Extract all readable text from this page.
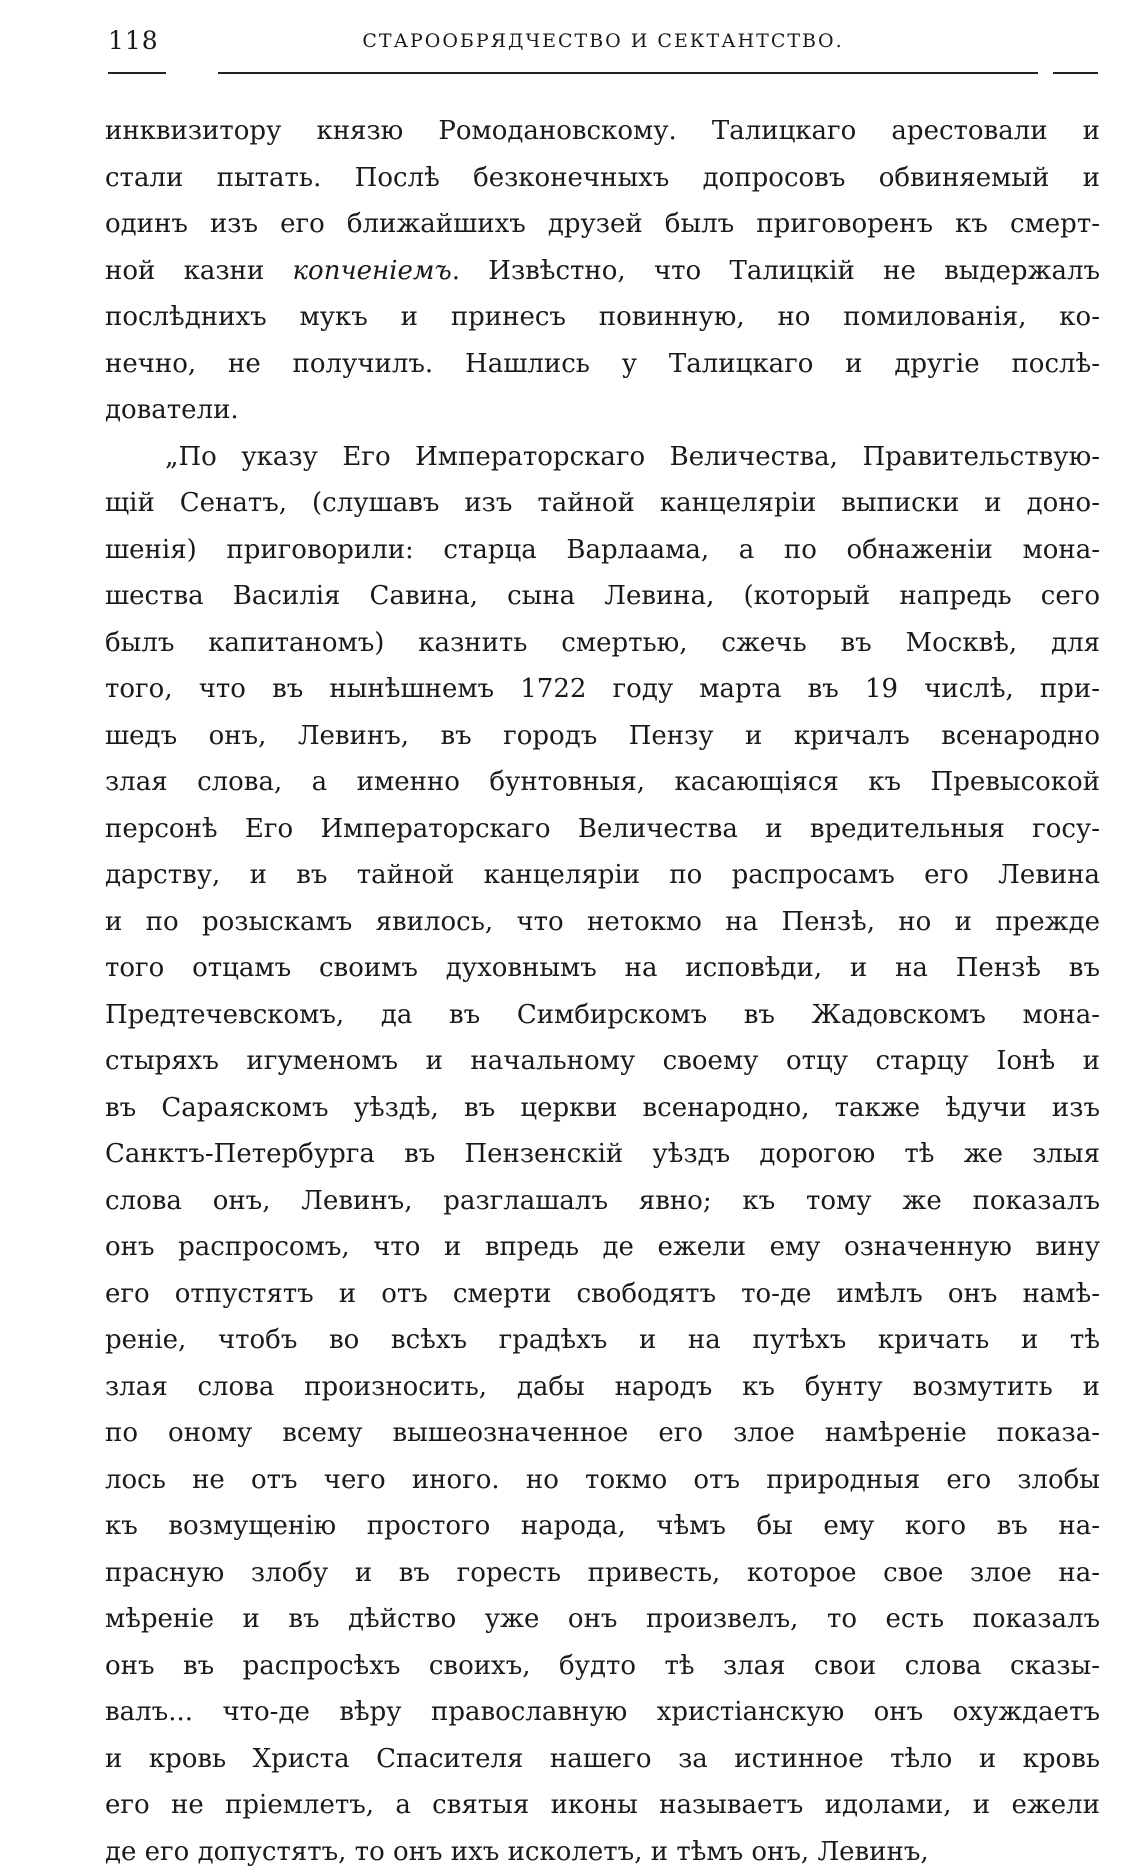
118	СТАРООБРЯДЧЕСТВО И СЕКТАНТСТВО.

инквизитору князю Ромодановскому. Талицкаго арестовали и
стали пытать. Послѣ безконечныхъ допросовъ обвиняемый и
одинъ изъ его ближайшихъ друзей былъ приговоренъ къ смерт-
ной казни копченіемъ. Извѣстно, что Талицкій не выдержалъ
послѣднихъ мукъ и принесъ повинную, но помилованія, ко-
нечно, не получилъ. Нашлись у Талицкаго и другіе послѣ-
дователи.

„По указу Его Императорскаго Величества, Правительствую-
щій Сенатъ, (слушавъ изъ тайной канцеляріи выписки и доно-
шенія) приговорили: старца Варлаама, а по обнаженіи мона-
шества Василія Савина, сына Левина, (который напредь сего
былъ капитаномъ) казнить смертью, сжечь въ Москвѣ, для
того, что въ нынѣшнемъ 1722 году марта въ 19 числѣ, при-
шедъ онъ, Левинъ, въ городъ Пензу и кричалъ всенародно
злая слова, а именно бунтовныя, касающіяся къ Превысокой
персонѣ Его Императорскаго Величества и вредительныя госу-
дарству, и въ тайной канцеляріи по распросамъ его Левина
и по розыскамъ явилось, что нетокмо на Пензѣ, но и прежде
того отцамъ своимъ духовнымъ на исповѣди, и на Пензѣ въ
Предтечевскомъ, да въ Симбирскомъ въ Жадовскомъ мона-
стыряхъ игуменомъ и начальному своему отцу старцу Іонѣ и
въ Сараяскомъ уѣздѣ, въ церкви всенародно, также ѣдучи изъ
Санктъ-Петербурга въ Пензенскій уѣздъ дорогою тѣ же злыя
слова онъ, Левинъ, разглашалъ явно; къ тому же показалъ
онъ распросомъ, что и впредь де ежели ему означенную вину
его отпустятъ и отъ смерти свободятъ то-де имѣлъ онъ намѣ-
реніе, чтобъ во всѣхъ градѣхъ и на путѣхъ кричать и тѣ
злая слова произносить, дабы народъ къ бунту возмутить и
по оному всему вышеозначенное его злое намѣреніе показа-
лось не отъ чего иного. но токмо отъ природныя его злобы
къ возмущенію простого народа, чѣмъ бы ему кого въ на-
прасную злобу и въ горесть привесть, которое свое злое на-
мѣреніе и въ дѣйство уже онъ произвелъ, то есть показалъ
онъ въ распросѣхъ своихъ, будто тѣ злая свои слова сказы-
валъ... что-де вѣру православную христіанскую онъ охуждаетъ
и кровь Христа Спасителя нашего за истинное тѣло и кровь
его не пріемлетъ, а святыя иконы называетъ идолами, и ежели
де его допустятъ, то онъ ихъ исколетъ, и тѣмъ онъ, Левинъ,
